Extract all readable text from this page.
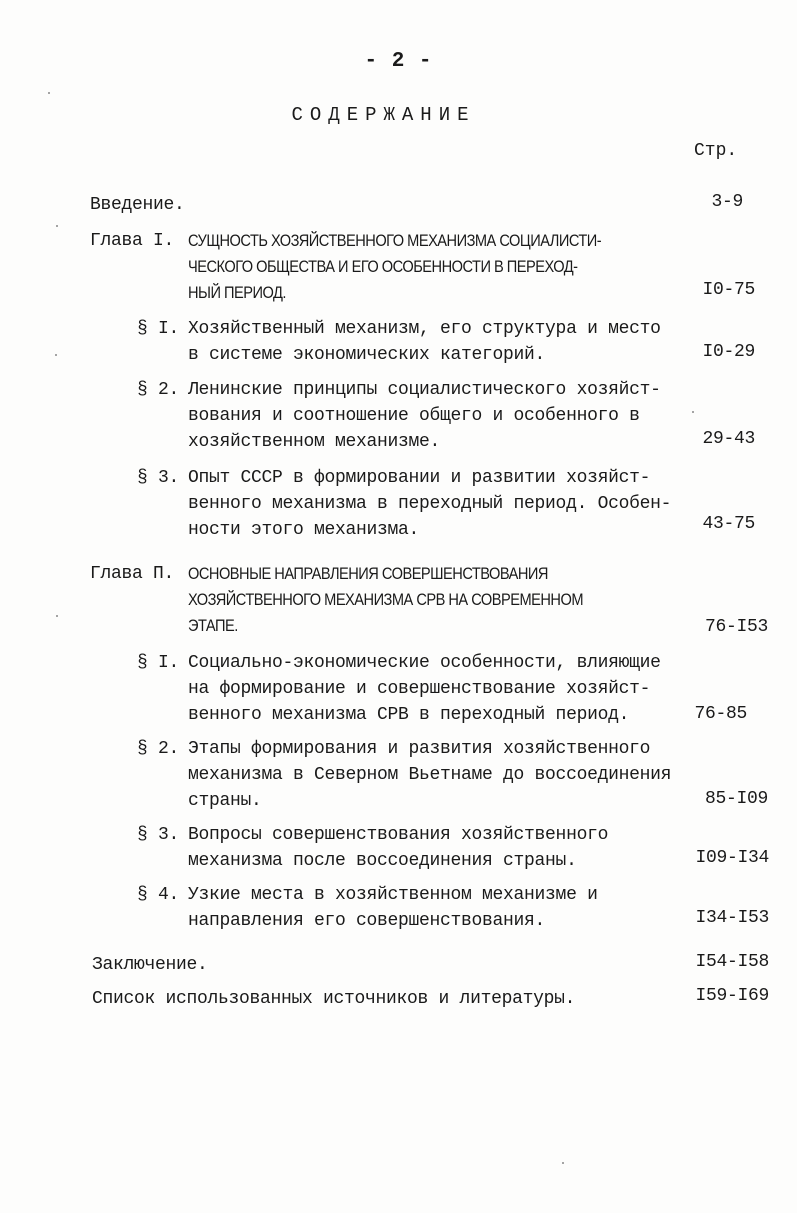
- 2 -
СОДЕРЖАНИЕ
Стр.
Введение.	3-9
Глава I. СУЩНОСТЬ ХОЗЯЙСТВЕННОГО МЕХАНИЗМА СОЦИАЛИСТИ-
ЧЕСКОГО ОБЩЕСТВА И ЕГО ОСОБЕННОСТИ В ПЕРЕХОД-
НЫЙ ПЕРИОД.	I0-75
§ I. Хозяйственный механизм, его структура и место
в системе экономических категорий.	I0-29
§ 2. Ленинские принципы социалистического хозяйст-
вования и соотношение общего и особенного в
хозяйственном механизме.	29-43
§ 3. Опыт СССР в формировании и развитии хозяйст-
венного механизма в переходный период. Особен-
ности этого механизма.	43-75
Глава П. ОСНОВНЫЕ НАПРАВЛЕНИЯ СОВЕРШЕНСТВОВАНИЯ
ХОЗЯЙСТВЕННОГО МЕХАНИЗМА СРВ НА СОВРЕМЕННОМ
ЭТАПЕ.	76-I53
§ I. Социально-экономические особенности, влияющие
на формирование и совершенствование хозяйст-
венного механизма СРВ в переходный период.	76-85
§ 2. Этапы формирования и развития хозяйственного
механизма в Северном Вьетнаме до воссоединения
страны.	85-I09
§ 3. Вопросы совершенствования хозяйственного
механизма после воссоединения страны.	I09-I34
§ 4. Узкие места в хозяйственном механизме и
направления его совершенствования.	I34-I53
Заключение.	I54-I58
Список использованных источников и литературы.	I59-I69
